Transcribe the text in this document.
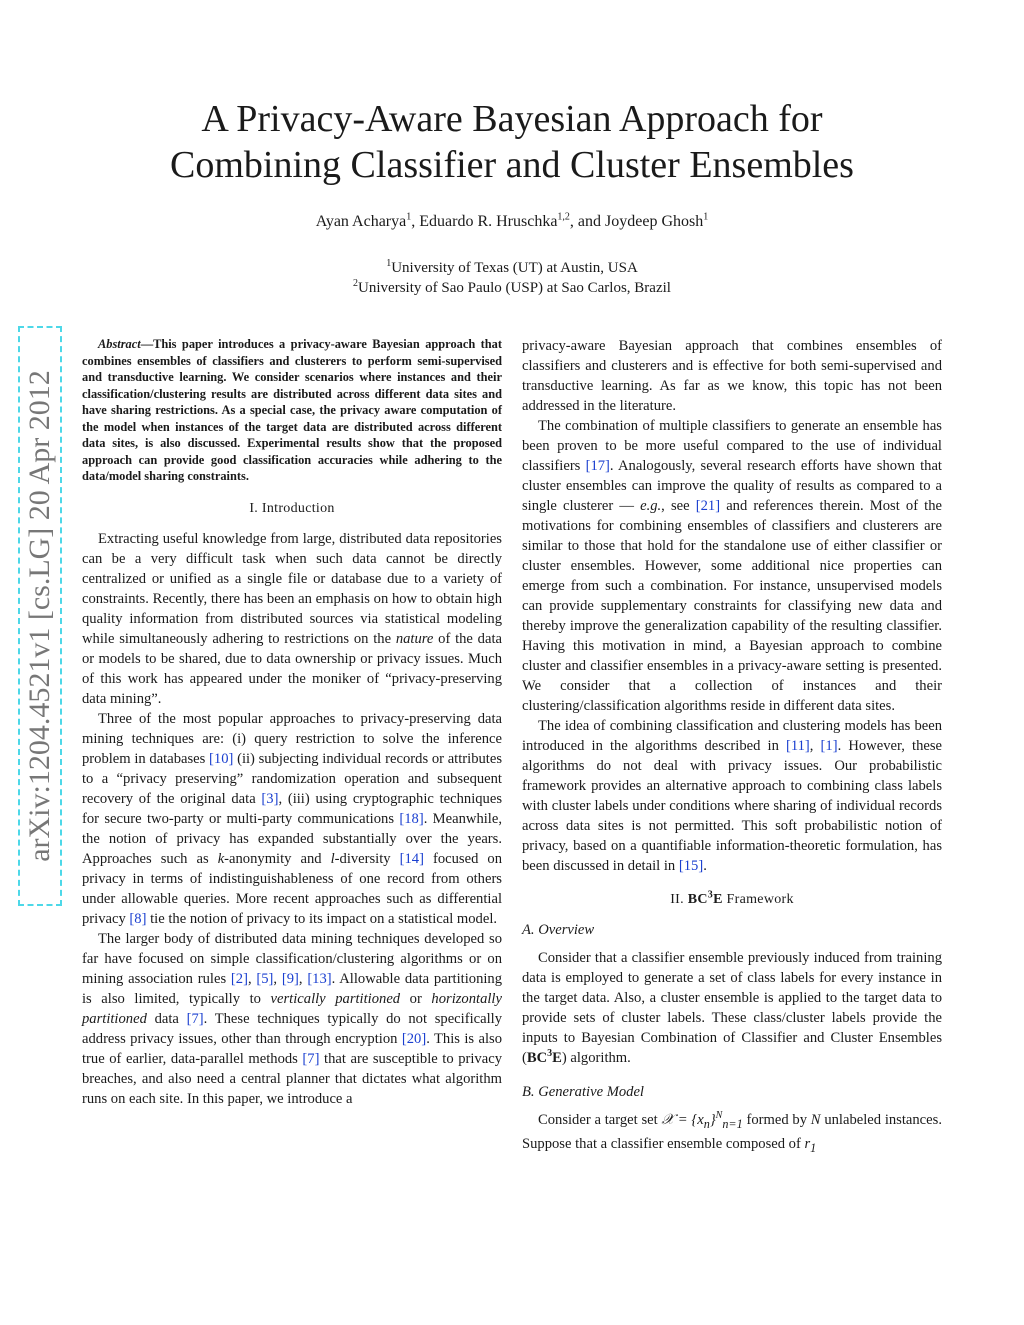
A Privacy-Aware Bayesian Approach for
Combining Classifier and Cluster Ensembles
Ayan Acharya$^1$, Eduardo R. Hruschka$^{1,2}$, and Joydeep Ghosh$^1$
$^1$University of Texas (UT) at Austin, USA
$^2$University of Sao Paulo (USP) at Sao Carlos, Brazil
arXiv:1204.4521v1 [cs.LG] 20 Apr 2012

Abstract—This paper introduces a privacy-aware Bayesian approach that combines ensembles of classifiers and clusterers to perform semi-supervised and transductive learning. We consider scenarios where instances and their classification/clustering results are distributed across different data sites and have sharing restrictions. As a special case, the privacy aware computation of the model when instances of the target data are distributed across different data sites, is also discussed. Experimental results show that the proposed approach can provide good classification accuracies while adhering to the data/model sharing constraints.

I. Introduction

Extracting useful knowledge from large, distributed data repositories can be a very difficult task when such data cannot be directly centralized or unified as a single file or database due to a variety of constraints. Recently, there has been an emphasis on how to obtain high quality information from distributed sources via statistical modeling while simultaneously adhering to restrictions on the nature of the data or models to be shared, due to data ownership or privacy issues. Much of this work has appeared under the moniker of “privacy-preserving data mining”.

Three of the most popular approaches to privacy-preserving data mining techniques are: (i) query restriction to solve the inference problem in databases [10] (ii) subjecting individual records or attributes to a “privacy preserving” randomization operation and subsequent recovery of the original data [3], (iii) using cryptographic techniques for secure two-party or multi-party communications [18]. Meanwhile, the notion of privacy has expanded substantially over the years. Approaches such as k-anonymity and l-diversity [14] focused on privacy in terms of indistinguishableness of one record from others under allowable queries. More recent approaches such as differential privacy [8] tie the notion of privacy to its impact on a statistical model.

The larger body of distributed data mining techniques developed so far have focused on simple classification/clustering algorithms or on mining association rules [2], [5], [9], [13]. Allowable data partitioning is also limited, typically to vertically partitioned or horizontally partitioned data [7]. These techniques typically do not specifically address privacy issues, other than through encryption [20]. This is also true of earlier, data-parallel methods [7] that are susceptible to privacy breaches, and also need a central planner that dictates what algorithm runs on each site. In this paper, we introduce a

privacy-aware Bayesian approach that combines ensembles of classifiers and clusterers and is effective for both semi-supervised and transductive learning. As far as we know, this topic has not been addressed in the literature.

The combination of multiple classifiers to generate an ensemble has been proven to be more useful compared to the use of individual classifiers [17]. Analogously, several research efforts have shown that cluster ensembles can improve the quality of results as compared to a single clusterer — e.g., see [21] and references therein. Most of the motivations for combining ensembles of classifiers and clusterers are similar to those that hold for the standalone use of either classifier or cluster ensembles. However, some additional nice properties can emerge from such a combination. For instance, unsupervised models can provide supplementary constraints for classifying new data and thereby improve the generalization capability of the resulting classifier. Having this motivation in mind, a Bayesian approach to combine cluster and classifier ensembles in a privacy-aware setting is presented. We consider that a collection of instances and their clustering/classification algorithms reside in different data sites.

The idea of combining classification and clustering models has been introduced in the algorithms described in [11], [1]. However, these algorithms do not deal with privacy issues. Our probabilistic framework provides an alternative approach to combining class labels with cluster labels under conditions where sharing of individual records across data sites is not permitted. This soft probabilistic notion of privacy, based on a quantifiable information-theoretic formulation, has been discussed in detail in [15].

II. $BC^3E$ Framework
A. Overview

Consider that a classifier ensemble previously induced from training data is employed to generate a set of class labels for every instance in the target data. Also, a cluster ensemble is applied to the target data to provide sets of cluster labels. These class/cluster labels provide the inputs to Bayesian Combination of Classifier and Cluster Ensembles $(BC^3E)$ algorithm.

B. Generative Model

Consider a target set 𝒳 = $\{x_n\}^N_{n=1}$ formed by N unlabeled instances. Suppose that a classifier ensemble composed of $r_1$
